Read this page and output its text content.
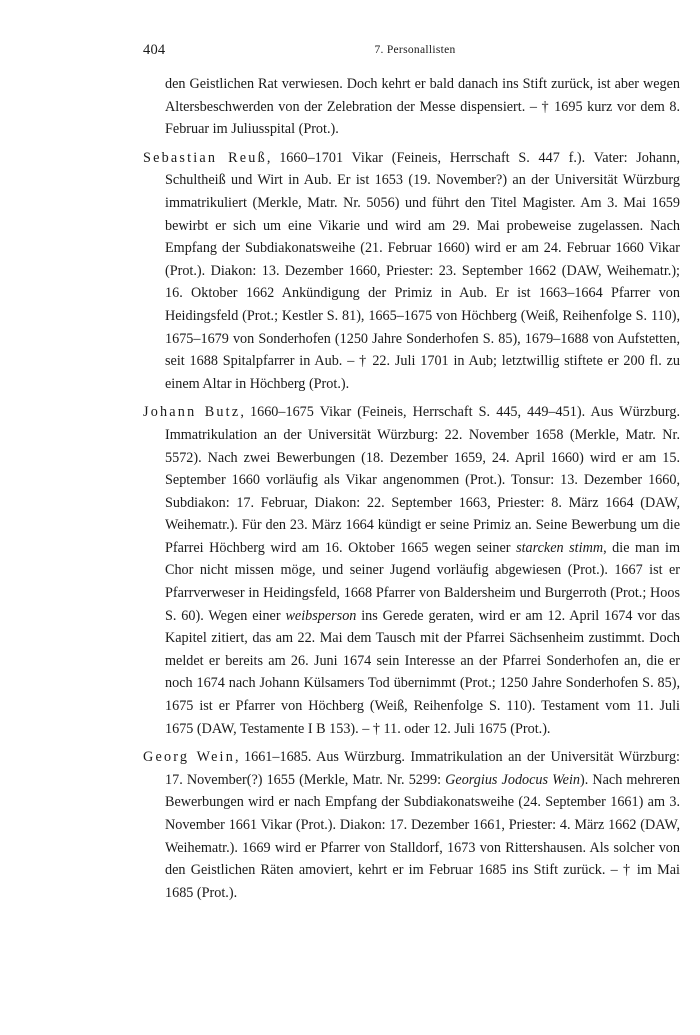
404	7. Personallisten

den Geistlichen Rat verwiesen. Doch kehrt er bald danach ins Stift zurück, ist aber wegen Altersbeschwerden von der Zelebration der Messe dispensiert. – † 1695 kurz vor dem 8. Februar im Juliusspital (Prot.).

Sebastian Reuß, 1660–1701 Vikar (Feineis, Herrschaft S. 447 f.). Vater: Johann, Schultheiß und Wirt in Aub. Er ist 1653 (19. November?) an der Universität Würzburg immatrikuliert (Merkle, Matr. Nr. 5056) und führt den Titel Magister. Am 3. Mai 1659 bewirbt er sich um eine Vikarie und wird am 29. Mai probeweise zugelassen. Nach Empfang der Subdiakonatsweihe (21. Februar 1660) wird er am 24. Februar 1660 Vikar (Prot.). Diakon: 13. Dezember 1660, Priester: 23. September 1662 (DAW, Weihematr.); 16. Oktober 1662 Ankündigung der Primiz in Aub. Er ist 1663–1664 Pfarrer von Heidingsfeld (Prot.; Kestler S. 81), 1665–1675 von Höchberg (Weiß, Reihenfolge S. 110), 1675–1679 von Sonderhofen (1250 Jahre Sonderhofen S. 85), 1679–1688 von Aufstetten, seit 1688 Spitalpfarrer in Aub. – † 22. Juli 1701 in Aub; letztwillig stiftete er 200 fl. zu einem Altar in Höchberg (Prot.).

Johann Butz, 1660–1675 Vikar (Feineis, Herrschaft S. 445, 449–451). Aus Würzburg. Immatrikulation an der Universität Würzburg: 22. November 1658 (Merkle, Matr. Nr. 5572). Nach zwei Bewerbungen (18. Dezember 1659, 24. April 1660) wird er am 15. September 1660 vorläufig als Vikar angenommen (Prot.). Tonsur: 13. Dezember 1660, Subdiakon: 17. Februar, Diakon: 22. September 1663, Priester: 8. März 1664 (DAW, Weihematr.). Für den 23. März 1664 kündigt er seine Primiz an. Seine Bewerbung um die Pfarrei Höchberg wird am 16. Oktober 1665 wegen seiner starcken stimm, die man im Chor nicht missen möge, und seiner Jugend vorläufig abgewiesen (Prot.). 1667 ist er Pfarrverweser in Heidingsfeld, 1668 Pfarrer von Baldersheim und Burgerroth (Prot.; Hoos S. 60). Wegen einer weibsperson ins Gerede geraten, wird er am 12. April 1674 vor das Kapitel zitiert, das am 22. Mai dem Tausch mit der Pfarrei Sächsenheim zustimmt. Doch meldet er bereits am 26. Juni 1674 sein Interesse an der Pfarrei Sonderhofen an, die er noch 1674 nach Johann Külsamers Tod übernimmt (Prot.; 1250 Jahre Sonderhofen S. 85), 1675 ist er Pfarrer von Höchberg (Weiß, Reihenfolge S. 110). Testament vom 11. Juli 1675 (DAW, Testamente I B 153). – † 11. oder 12. Juli 1675 (Prot.).

Georg Wein, 1661–1685. Aus Würzburg. Immatrikulation an der Universität Würzburg: 17. November(?) 1655 (Merkle, Matr. Nr. 5299: Georgius Jodocus Wein). Nach mehreren Bewerbungen wird er nach Empfang der Subdiakonatsweihe (24. September 1661) am 3. November 1661 Vikar (Prot.). Diakon: 17. Dezember 1661, Priester: 4. März 1662 (DAW, Weihematr.). 1669 wird er Pfarrer von Stalldorf, 1673 von Rittershausen. Als solcher von den Geistlichen Räten amoviert, kehrt er im Februar 1685 ins Stift zurück. – † im Mai 1685 (Prot.).
